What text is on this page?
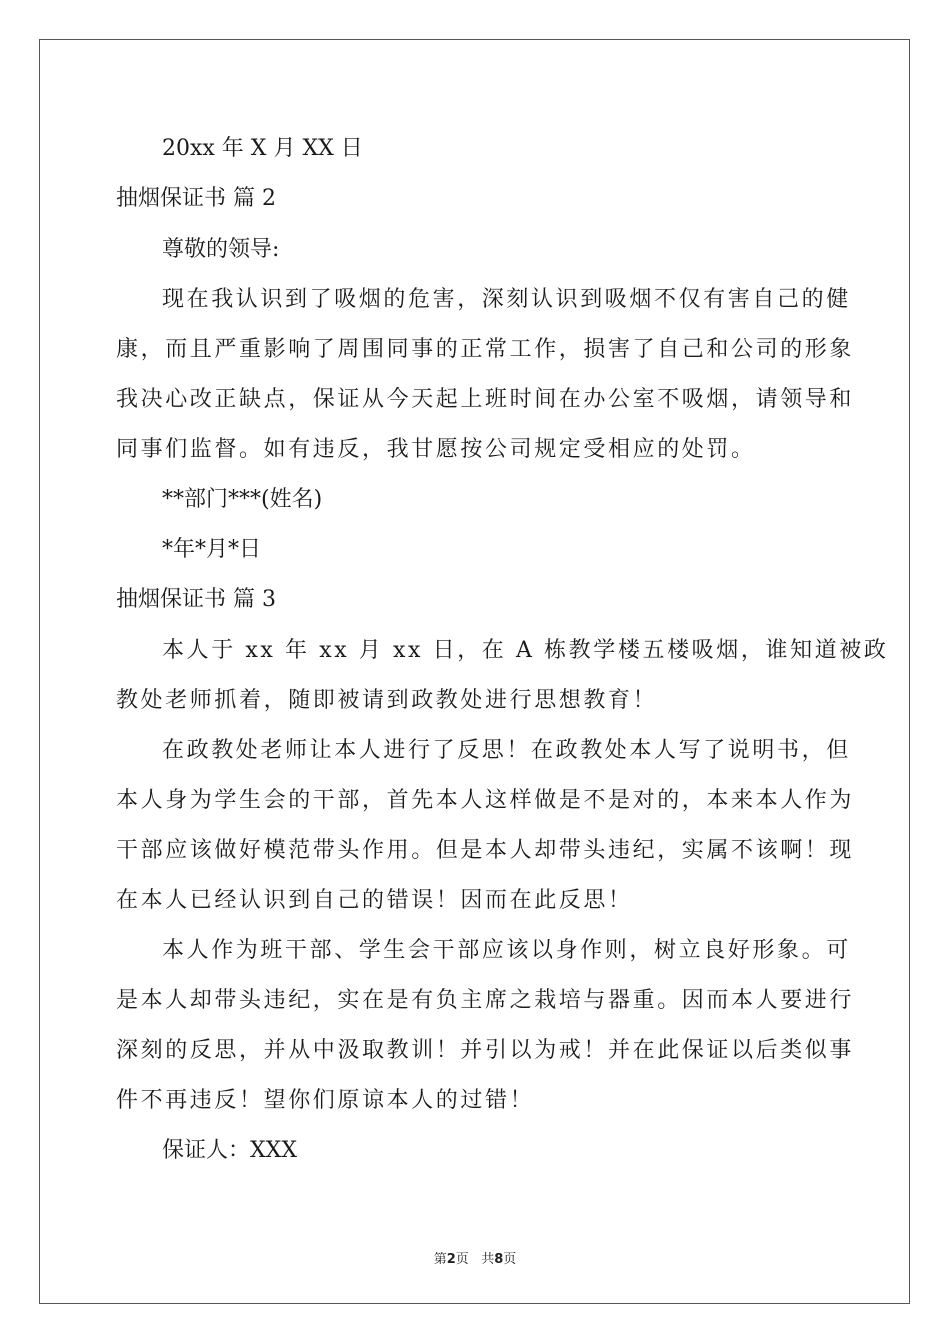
20xx 年 X 月 XX 日

抽烟保证书 篇 2

尊敬的领导:

现在我认识到了吸烟的危害，深刻认识到吸烟不仅有害自己的健

康，而且严重影响了周围同事的正常工作，损害了自己和公司的形象

我决心改正缺点，保证从今天起上班时间在办公室不吸烟，请领导和

同事们监督。如有违反，我甘愿按公司规定受相应的处罚。

**部门***(姓名)

*年*月*日

抽烟保证书 篇 3

本人于 xx 年 xx 月 xx 日，在 A 栋教学楼五楼吸烟，谁知道被政

教处老师抓着，随即被请到政教处进行思想教育！

在政教处老师让本人进行了反思！在政教处本人写了说明书，但

本人身为学生会的干部，首先本人这样做是不是对的，本来本人作为

干部应该做好模范带头作用。但是本人却带头违纪，实属不该啊！现

在本人已经认识到自己的错误！因而在此反思！

本人作为班干部、学生会干部应该以身作则，树立良好形象。可

是本人却带头违纪，实在是有负主席之栽培与器重。因而本人要进行

深刻的反思，并从中汲取教训！并引以为戒！并在此保证以后类似事

件不再违反！望你们原谅本人的过错！

保证人：XXX

第2页   共8页
